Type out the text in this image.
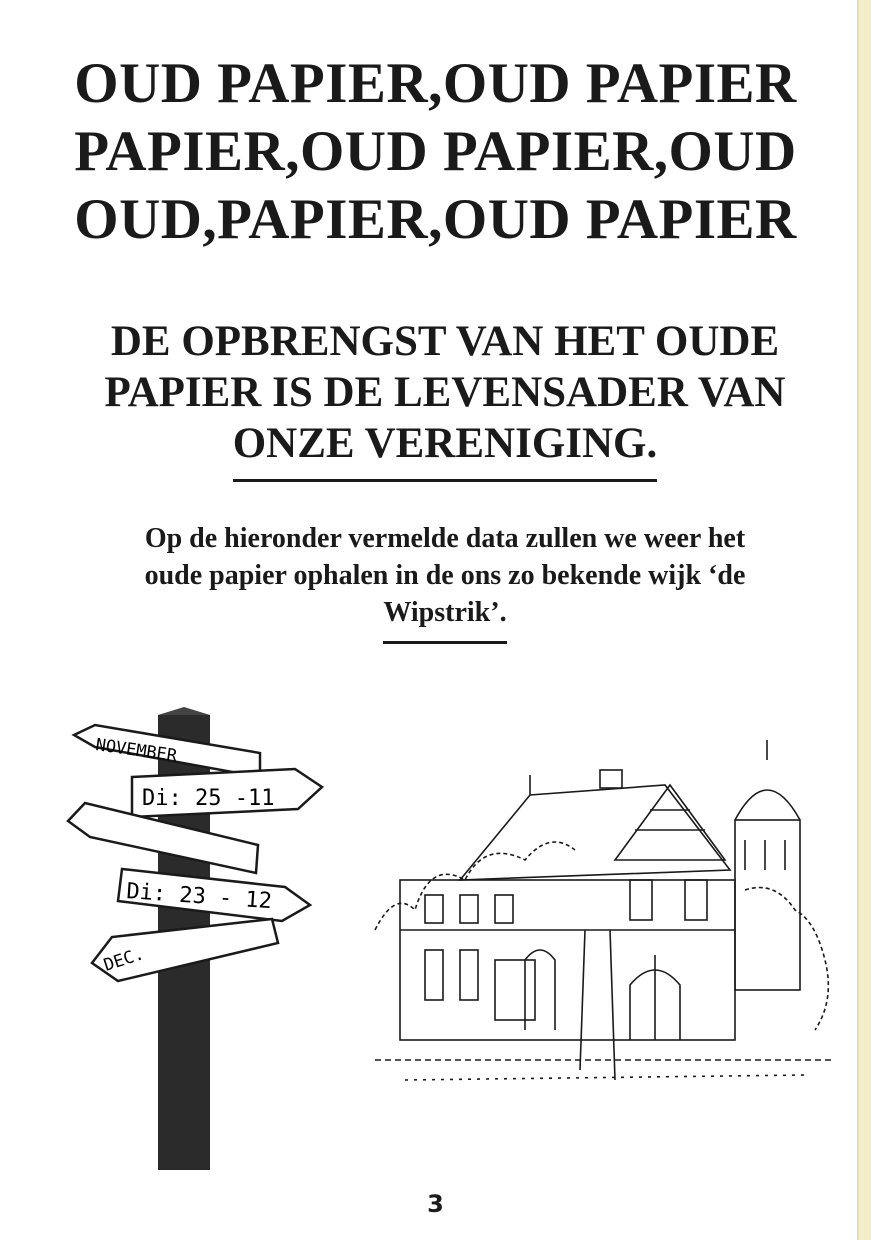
OUD PAPIER,OUD PAPIER
PAPIER,OUD PAPIER,OUD
OUD,PAPIER,OUD PAPIER
DE OPBRENGST VAN HET OUDE
PAPIER IS DE LEVENSADER VAN
ONZE VERENIGING.
Op de hieronder vermelde data zullen we weer het
oude papier ophalen in de ons zo bekende wijk ‘de
Wipstrik’.
NOVEMBER
Di: 25 -11
Di: 23 - 12
DEC.
3
